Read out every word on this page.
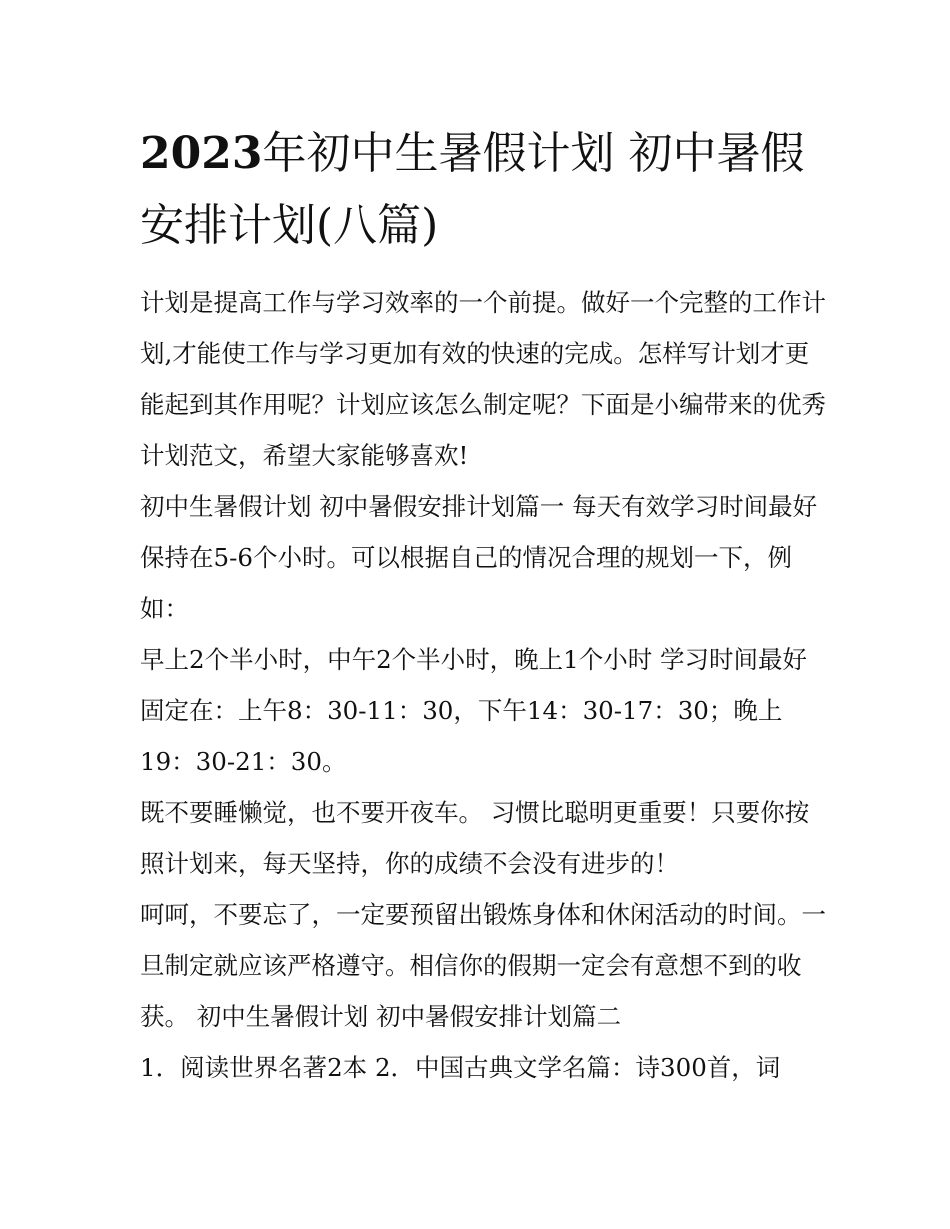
2023年初中生暑假计划 初中暑假安排计划(八篇)

计划是提高工作与学习效率的一个前提。做好一个完整的工作计划,才能使工作与学习更加有效的快速的完成。怎样写计划才更能起到其作用呢？计划应该怎么制定呢？下面是小编带来的优秀计划范文，希望大家能够喜欢!

初中生暑假计划 初中暑假安排计划篇一 每天有效学习时间最好保持在5-6个小时。可以根据自己的情况合理的规划一下，例如：

早上2个半小时，中午2个半小时，晚上1个小时 学习时间最好固定在：上午8：30-11：30，下午14：30-17：30；晚上19：30-21：30。

既不要睡懒觉，也不要开夜车。 习惯比聪明更重要！只要你按照计划来，每天坚持，你的成绩不会没有进步的！

呵呵，不要忘了，一定要预留出锻炼身体和休闲活动的时间。一旦制定就应该严格遵守。相信你的假期一定会有意想不到的收获。 初中生暑假计划 初中暑假安排计划篇二

1．阅读世界名著2本 2．中国古典文学名篇：诗300首，词
